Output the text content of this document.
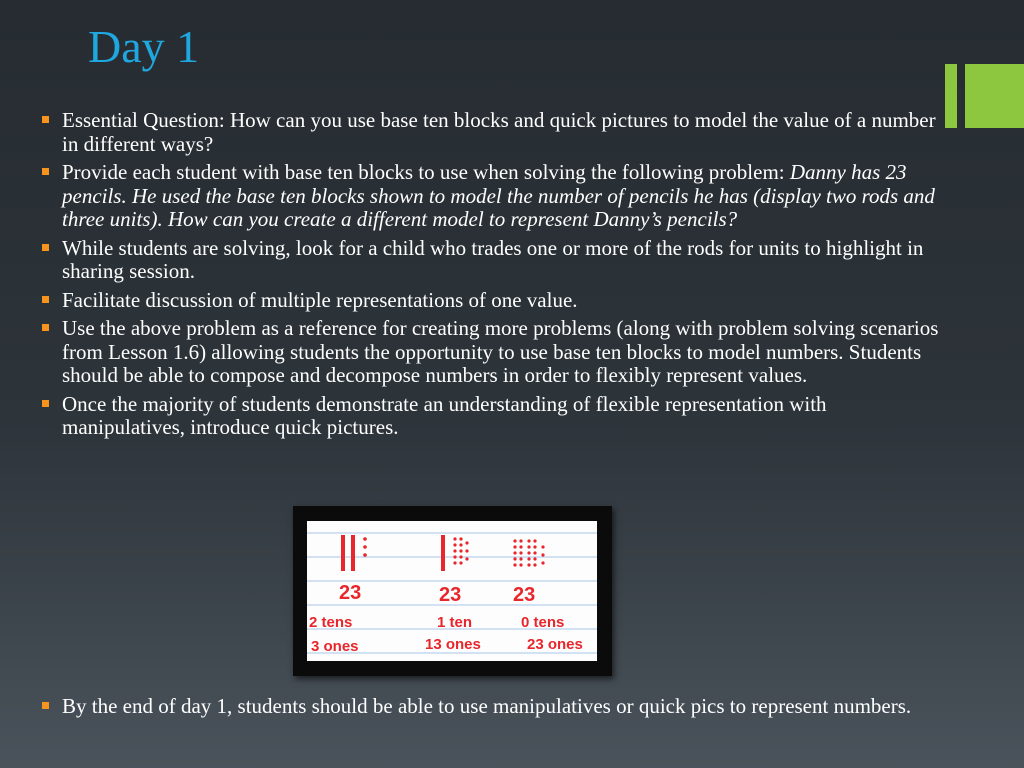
Day 1
Essential Question: How can you use base ten blocks and quick pictures to model the value of a number in different ways?
Provide each student with base ten blocks to use when solving the following problem: Danny has 23 pencils. He used the base ten blocks shown to model the number of pencils he has (display two rods and three units). How can you create a different model to represent Danny’s pencils?
While students are solving, look for a child who trades one or more of the rods for units to highlight in sharing session.
Facilitate discussion of multiple representations of one value.
Use the above problem as a reference for creating more problems (along with problem solving scenarios from Lesson 1.6) allowing students the opportunity to use base ten blocks to model numbers. Students should be able to compose and decompose numbers in order to flexibly represent values.
Once the majority of students demonstrate an understanding of flexible representation with manipulatives, introduce quick pictures.
23	23	23
2 tens	1 ten	0 tens
3 ones	13 ones	23 ones
By the end of day 1, students should be able to use manipulatives or quick pics to represent numbers.
